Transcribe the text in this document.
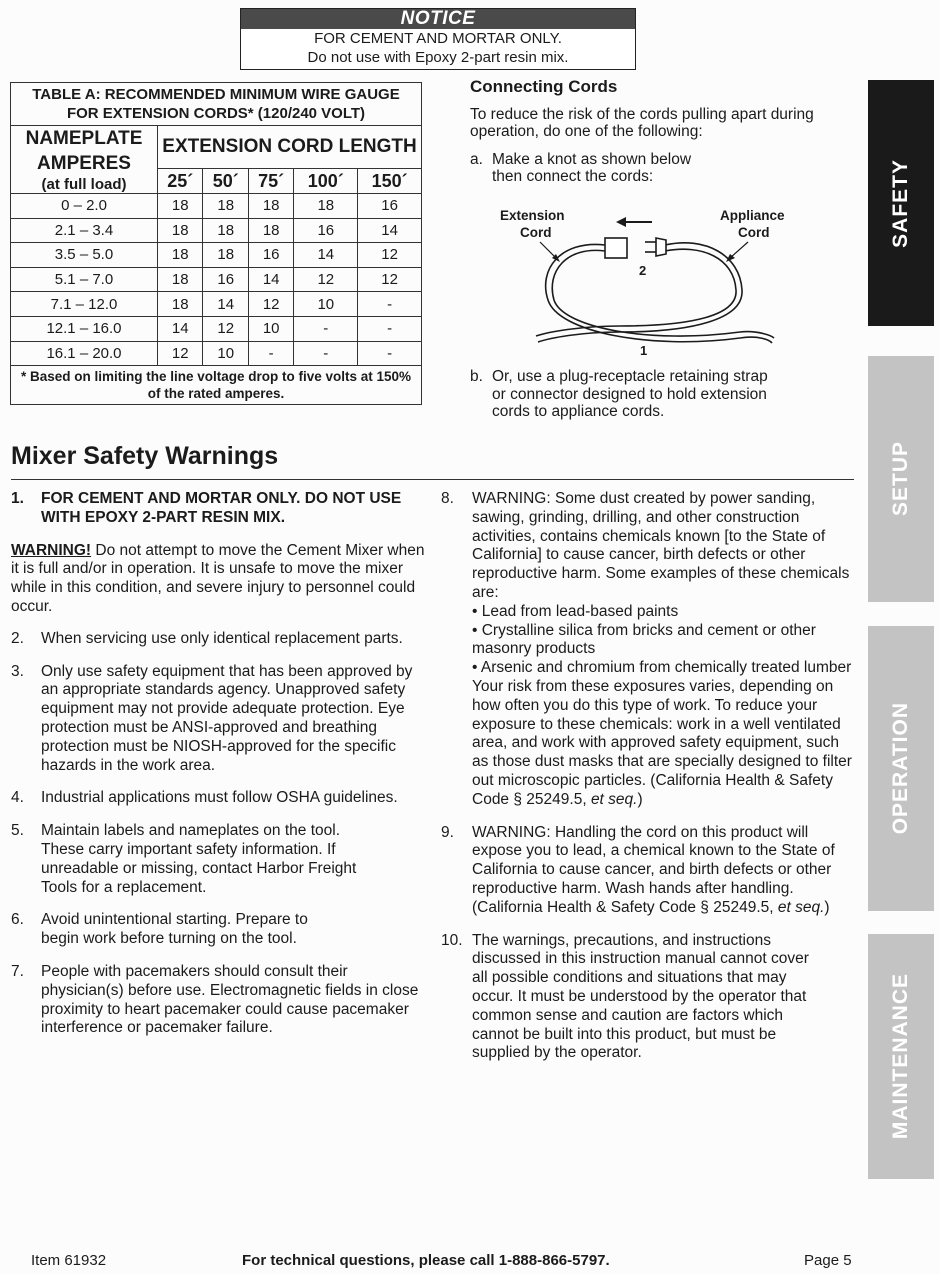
NOTICE
FOR CEMENT AND MORTAR ONLY.
Do not use with Epoxy 2-part resin mix.
TABLE A: RECOMMENDED MINIMUM WIRE GAUGE FOR EXTENSION CORDS* (120/240 VOLT)					

NAMEPLATE AMPERES
(at full load)	EXTENSION CORD LENGTH				
	25´	50´	75´	100´	150´
0 – 2.0	18	18	18	18	16
2.1 – 3.4	18	18	18	16	14
3.5 – 5.0	18	18	16	14	12
5.1 – 7.0	18	16	14	12	12
7.1 – 12.0	18	14	12	10	-
12.1 – 16.0	14	12	10	-	-
16.1 – 20.0	12	10	-	-	-
* Based on limiting the line voltage drop to five volts at 150% of the rated amperes.					
Connecting Cords

To reduce the risk of the cords pulling apart during operation, do one of the following:

a. Make a knot as shown below then connect the cords:
b. Or, use a plug-receptacle retaining strap or connector designed to hold extension cords to appliance cords.
Extension
Cord
Appliance
Cord
2
1
Mixer Safety Warnings
1.	FOR CEMENT AND MORTAR ONLY. DO NOT USE WITH EPOXY 2-PART RESIN MIX.

WARNING! Do not attempt to move the Cement Mixer when it is full and/or in operation. It is unsafe to move the mixer while in this condition, and severe injury to personnel could occur.

2.	When servicing use only identical replacement parts.
3.	Only use safety equipment that has been approved by an appropriate standards agency. Unapproved safety equipment may not provide adequate protection. Eye protection must be ANSI-approved and breathing protection must be NIOSH-approved for the specific hazards in the work area.
4.	Industrial applications must follow OSHA guidelines.
5.	Maintain labels and nameplates on the tool. These carry important safety information. If unreadable or missing, contact Harbor Freight Tools for a replacement.
6.	Avoid unintentional starting. Prepare to begin work before turning on the tool.
7.	People with pacemakers should consult their physician(s) before use. Electromagnetic fields in close proximity to heart pacemaker could cause pacemaker interference or pacemaker failure.
8.	WARNING: Some dust created by power sanding, sawing, grinding, drilling, and other construction activities, contains chemicals known [to the State of California] to cause cancer, birth defects or other reproductive harm. Some examples of these chemicals are:
• Lead from lead-based paints
• Crystalline silica from bricks and cement or other masonry products
• Arsenic and chromium from chemically treated lumber
Your risk from these exposures varies, depending on how often you do this type of work. To reduce your exposure to these chemicals: work in a well ventilated area, and work with approved safety equipment, such as those dust masks that are specially designed to filter out microscopic particles. (California Health & Safety Code § 25249.5, et seq.)
9.	WARNING: Handling the cord on this product will expose you to lead, a chemical known to the State of California to cause cancer, and birth defects or other reproductive harm. Wash hands after handling. (California Health & Safety Code § 25249.5, et seq.)
10. The warnings, precautions, and instructions discussed in this instruction manual cannot cover all possible conditions and situations that may occur. It must be understood by the operator that common sense and caution are factors which cannot be built into this product, but must be supplied by the operator.
SAFETY
SETUP
OPERATION
MAINTENANCE
Item 61932	For technical questions, please call 1-888-866-5797.	Page 5
